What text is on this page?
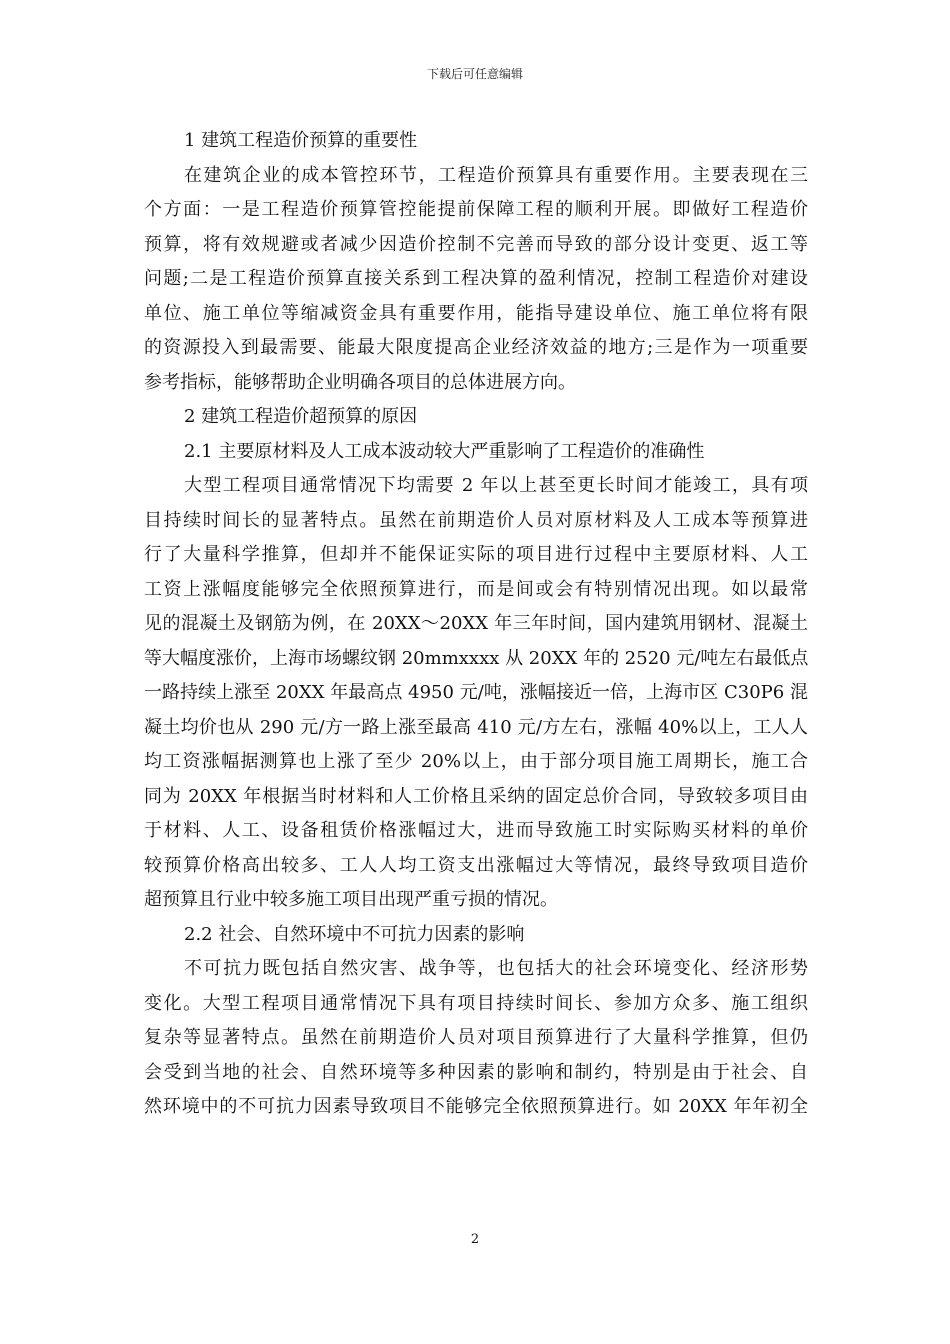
下载后可任意编辑
1 建筑工程造价预算的重要性
在建筑企业的成本管控环节，工程造价预算具有重要作用。主要表现在三
个方面：一是工程造价预算管控能提前保障工程的顺利开展。即做好工程造价
预算，将有效规避或者减少因造价控制不完善而导致的部分设计变更、返工等
问题;二是工程造价预算直接关系到工程决算的盈利情况，控制工程造价对建设
单位、施工单位等缩减资金具有重要作用，能指导建设单位、施工单位将有限
的资源投入到最需要、能最大限度提高企业经济效益的地方;三是作为一项重要
参考指标，能够帮助企业明确各项目的总体进展方向。
2 建筑工程造价超预算的原因
2.1 主要原材料及人工成本波动较大严重影响了工程造价的准确性
大型工程项目通常情况下均需要 2 年以上甚至更长时间才能竣工，具有项
目持续时间长的显著特点。虽然在前期造价人员对原材料及人工成本等预算进
行了大量科学推算，但却并不能保证实际的项目进行过程中主要原材料、人工
工资上涨幅度能够完全依照预算进行，而是间或会有特别情况出现。如以最常
见的混凝土及钢筋为例，在 20XX～20XX 年三年时间，国内建筑用钢材、混凝土
等大幅度涨价，上海市场螺纹钢 20mmxxxx 从 20XX 年的 2520 元/吨左右最低点
一路持续上涨至 20XX 年最高点 4950 元/吨，涨幅接近一倍，上海市区 C30P6 混
凝土均价也从 290 元/方一路上涨至最高 410 元/方左右，涨幅 40%以上，工人人
均工资涨幅据测算也上涨了至少 20%以上，由于部分项目施工周期长，施工合
同为 20XX 年根据当时材料和人工价格且采纳的固定总价合同，导致较多项目由
于材料、人工、设备租赁价格涨幅过大，进而导致施工时实际购买材料的单价
较预算价格高出较多、工人人均工资支出涨幅过大等情况，最终导致项目造价
超预算且行业中较多施工项目出现严重亏损的情况。
2.2 社会、自然环境中不可抗力因素的影响
不可抗力既包括自然灾害、战争等，也包括大的社会环境变化、经济形势
变化。大型工程项目通常情况下具有项目持续时间长、参加方众多、施工组织
复杂等显著特点。虽然在前期造价人员对项目预算进行了大量科学推算，但仍
会受到当地的社会、自然环境等多种因素的影响和制约，特别是由于社会、自
然环境中的不可抗力因素导致项目不能够完全依照预算进行。如 20XX 年年初全
2
